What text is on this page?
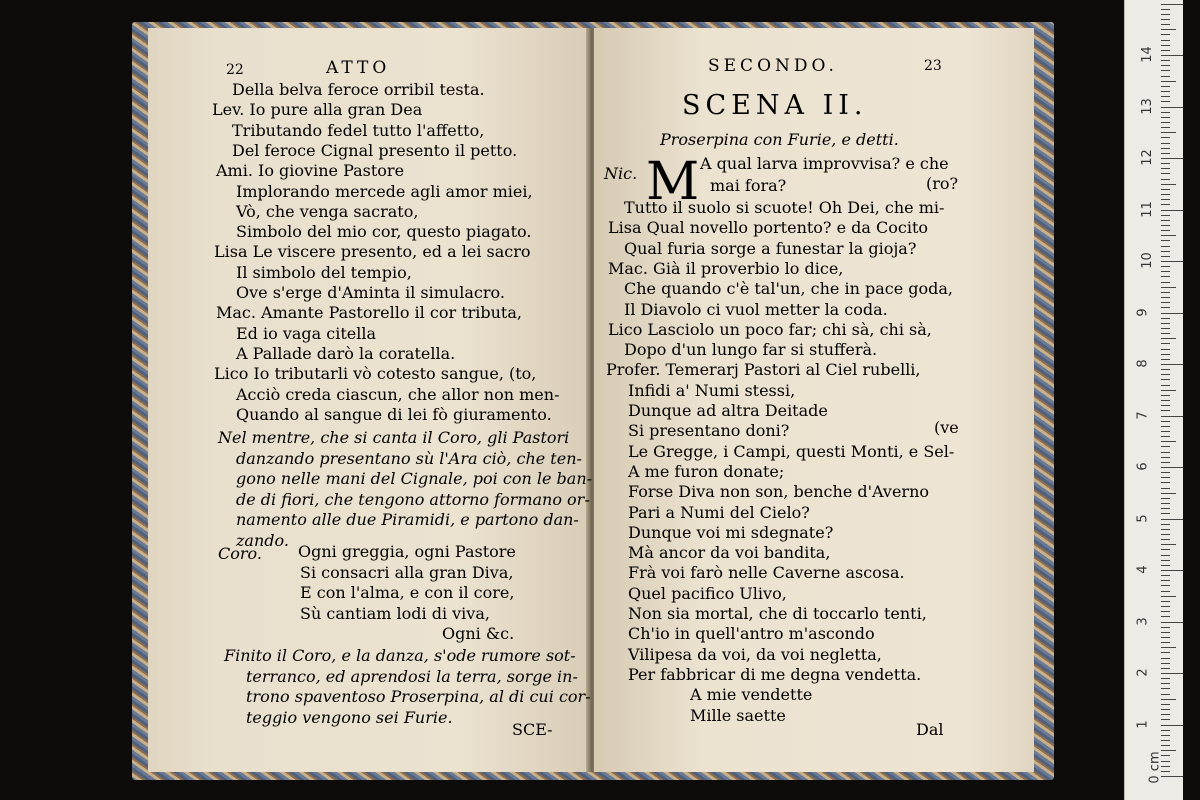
22	ATTO
Della belva feroce orribil testa.
Lev. Io pure alla gran Dea
Tributando fedel tutto l'affetto,
Del feroce Cignal presento il petto.
Ami. Io giovine Pastore
Implorando mercede agli amor miei,
Vò, che venga sacrato,
Simbolo del mio cor, questo piagato.
Lisa Le viscere presento, ed a lei sacro
Il simbolo del tempio,
Ove s'erge d'Aminta il simulacro.
Mac. Amante Pastorello il cor tributa,
Ed io vaga citella
A Pallade darò la coratella.
Lico Io tributarli vò cotesto sangue, (to,
Acciò creda ciascun, che allor non men-
Quando al sangue di lei fò giuramento.
Nel mentre, che si canta il Coro, gli Pastori
danzando presentano sù l'Ara ciò, che ten-
gono nelle mani del Cignale, poi con le ban-
de di fiori, che tengono attorno formano or-
namento alle due Piramidi, e partono dan-
zando.
Coro. Ogni greggia, ogni Pastore
Si consacri alla gran Diva,
E con l'alma, e con il core,
Sù cantiam lodi di viva,
Ogni &c.
Finito il Coro, e la danza, s'ode rumore sot-
terranco, ed aprendosi la terra, sorge in-
trono spaventoso Proserpina, al di cui cor-
teggio vengono sei Furie.
SCE-
SECONDO.	23
SCENA II.
Proserpina con Furie, e detti.
Nic. M A qual larva improvvisa? e che
mai fora?	(ro?
(ve
Dal
Tutto il suolo si scuote! Oh Dei, che mi-
Lisa Qual novello portento? e da Cocito
Qual furia sorge a funestar la gioja?
Mac. Già il proverbio lo dice,
Che quando c'è tal'un, che in pace goda,
Il Diavolo ci vuol metter la coda.
Lico Lasciolo un poco far; chi sà, chi sà,
Dopo d'un lungo far si stufferà.
Profer. Temerarj Pastori al Ciel rubelli,
Infidi a' Numi stessi,
Dunque ad altra Deitade
Si presentano doni?
Le Gregge, i Campi, questi Monti, e Sel-
A me furon donate;
Forse Diva non son, benche d'Averno
Pari a Numi del Cielo?
Dunque voi mi sdegnate?
Mà ancor da voi bandita,
Frà voi farò nelle Caverne ascosa.
Quel pacifico Ulivo,
Non sia mortal, che di toccarlo tenti,
Ch'io in quell'antro m'ascondo
Vilipesa da voi, da voi negletta,
Per fabbricar di me degna vendetta.
A mie vendette
Mille saette
0 cm
1
2
3
4
5
6
7
8
9
10
11
12
13
14
